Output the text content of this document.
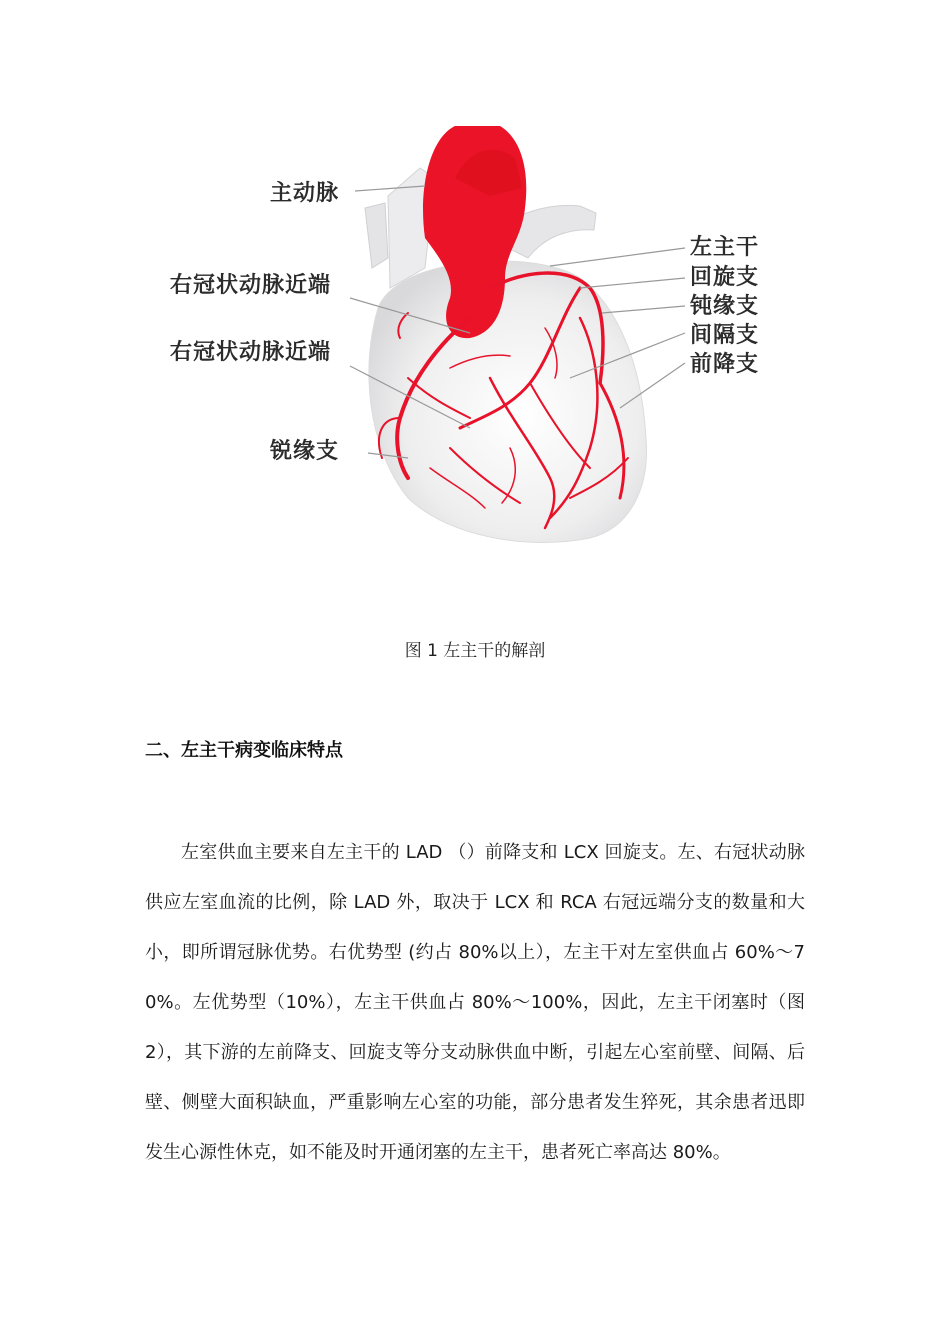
主动脉
右冠状动脉近端
右冠状动脉近端
锐缘支
左主干
回旋支
钝缘支
间隔支
前降支
图 1 左主干的解剖
二、左主干病变临床特点
左室供血主要来自左主干的 LAD （）前降支和 LCX 回旋支。左、右冠状动脉供应左室血流的比例，除 LAD 外，取决于 LCX 和 RCA 右冠远端分支的数量和大小，即所谓冠脉优势。右优势型 (约占 80%以上），左主干对左室供血占 60%～70%。左优势型（10%），左主干供血占 80%～100%，因此，左主干闭塞时（图 2），其下游的左前降支、回旋支等分支动脉供血中断，引起左心室前壁、间隔、后壁、侧壁大面积缺血，严重影响左心室的功能，部分患者发生猝死，其余患者迅即发生心源性休克，如不能及时开通闭塞的左主干，患者死亡率高达 80%。
